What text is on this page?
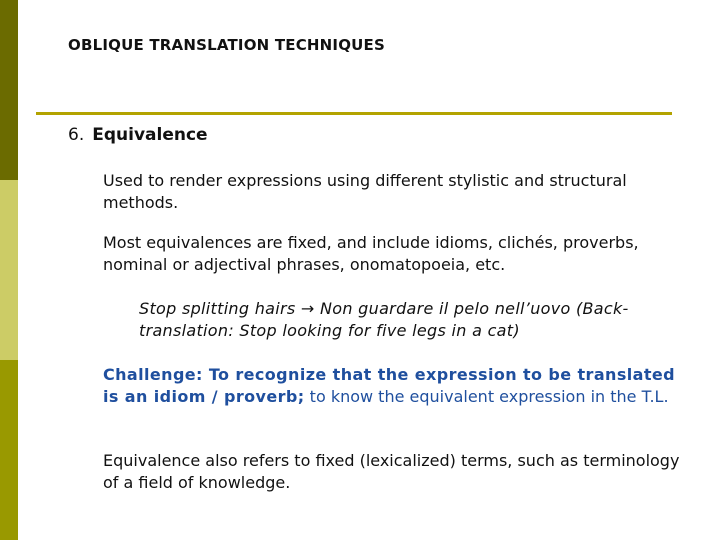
OBLIQUE TRANSLATION TECHNIQUES
6. Equivalence
Used to render expressions using different stylistic and structural methods.
Most equivalences are fixed, and include idioms, clichés, proverbs, nominal or adjectival phrases, onomatopoeia, etc.
Stop splitting hairs → Non guardare il pelo nell’uovo (Back-translation: Stop looking for five legs in a cat)
Challenge: To recognize that the expression to be translated is an idiom / proverb; to know the equivalent expression in the T.L.
Equivalence also refers to fixed (lexicalized) terms, such as terminology of a field of knowledge.
